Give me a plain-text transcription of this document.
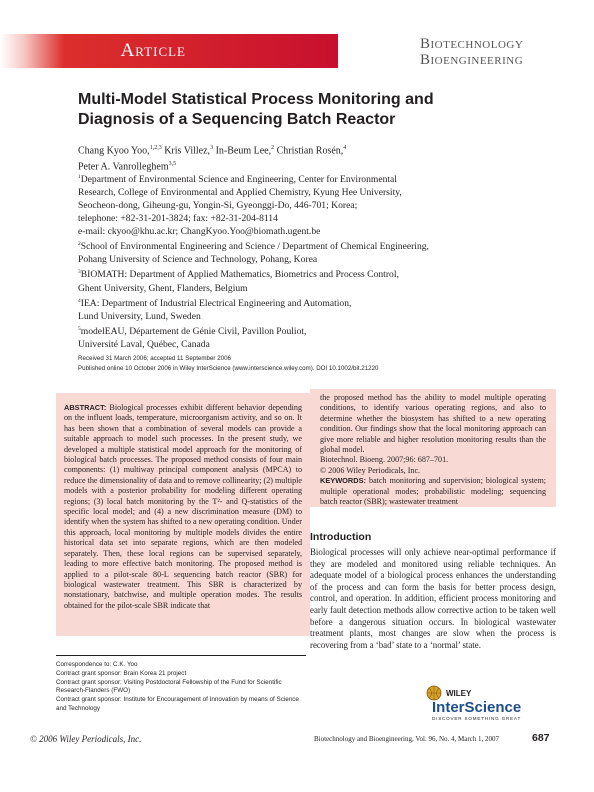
Article	Biotechnology
Bioengineering
Multi-Model Statistical Process Monitoring and
Diagnosis of a Sequencing Batch Reactor
Chang Kyoo Yoo,$^{1,2,3}$ Kris Villez,$^3$ In-Beum Lee,$^2$ Christian Rosén,$^4$
Peter A. Vanrolleghem$^{3,5}$

$^1$Department of Environmental Science and Engineering, Center for Environmental
Research, College of Environmental and Applied Chemistry, Kyung Hee University,
Seocheon-dong, Giheung-gu, Yongin-Si, Gyeonggi-Do, 446-701; Korea;
telephone: +82-31-201-3824; fax: +82-31-204-8114
e-mail: ckyoo@khu.ac.kr; ChangKyoo.Yoo@biomath.ugent.be

$^2$School of Environmental Engineering and Science / Department of Chemical Engineering,
Pohang University of Science and Technology, Pohang, Korea

$^3$BIOMATH: Department of Applied Mathematics, Biometrics and Process Control,
Ghent University, Ghent, Flanders, Belgium

$^4$IEA: Department of Industrial Electrical Engineering and Automation,
Lund University, Lund, Sweden

$^5$modelEAU, Département de Génie Civil, Pavillon Pouliot,
Université Laval, Québec, Canada

Received 31 March 2006; accepted 11 September 2006
Published online 10 October 2006 in Wiley InterScience (www.interscience.wiley.com). DOI 10.1002/bit.21220
ABSTRACT: Biological processes exhibit different behavior depending on the influent loads, temperature, microorganism activity, and so on. It has been shown that a combination of several models can provide a suitable approach to model such processes. In the present study, we developed a multiple statistical model approach for the monitoring of biological batch processes. The proposed method consists of four main components: (1) multiway principal component analysis (MPCA) to reduce the dimensionality of data and to remove collinearity; (2) multiple models with a posterior probability for modeling different operating regions; (3) local batch monitoring by the T²- and Q-statistics of the specific local model; and (4) a new discrimination measure (DM) to identify when the system has shifted to a new operating condition. Under this approach, local monitoring by multiple models divides the entire historical data set into separate regions, which are then modeled separately. Then, these local regions can be supervised separately, leading to more effective batch monitoring. The proposed method is applied to a pilot-scale 80-L sequencing batch reactor (SBR) for biological wastewater treatment. This SBR is characterized by nonstationary, batchwise, and multiple operation modes. The results obtained for the pilot-scale SBR indicate that
the proposed method has the ability to model multiple operating conditions, to identify various operating regions, and also to determine whether the biosystem has shifted to a new operating condition. Our findings show that the local monitoring approach can give more reliable and higher resolution monitoring results than the global model.
Biotechnol. Bioeng. 2007;96: 687–701.
© 2006 Wiley Periodicals, Inc.
KEYWORDS: batch monitoring and supervision; biological system; multiple operational modes; probabilistic modeling; sequencing batch reactor (SBR); wastewater treatment
Introduction
Biological processes will only achieve near-optimal performance if they are modeled and monitored using reliable techniques. An adequate model of a biological process enhances the understanding of the process and can form the basis for better process design, control, and operation. In addition, efficient process monitoring and early fault detection methods allow corrective action to be taken well before a dangerous situation occurs. In biological wastewater treatment plants, most changes are slow when the process is recovering from a ‘bad’ state to a ‘normal’ state.
Correspondence to: C.K. Yoo
Contract grant sponsor: Brain Korea 21 project
Contract grant sponsor: Visiting Postdoctoral Fellowship of the Fund for Scientific Research-Flanders (FWO)
Contract grant sponsor: Institute for Encouragement of Innovation by means of Science and Technology
WILEY
InterScience
DISCOVER SOMETHING GREAT
© 2006 Wiley Periodicals, Inc.	Biotechnology and Bioengineering, Vol. 96, No. 4, March 1, 2007	687
